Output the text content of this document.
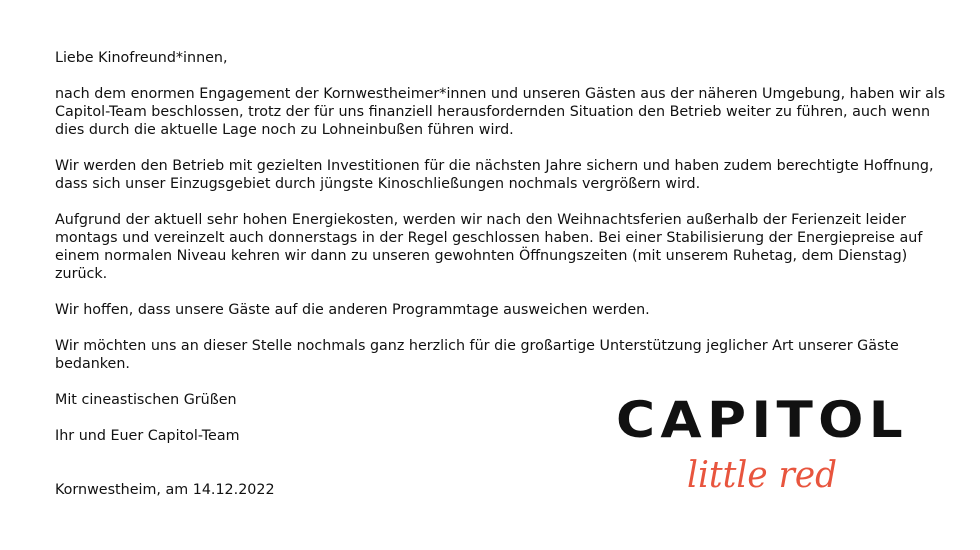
Liebe Kinofreund*innen,

nach dem enormen Engagement der Kornwestheimer*innen und unseren Gästen aus der näheren Umgebung, haben wir als Capitol-Team beschlossen, trotz der für uns finanziell herausfordernden Situation den Betrieb weiter zu führen, auch wenn dies durch die aktuelle Lage noch zu Lohneinbußen führen wird.

Wir werden den Betrieb mit gezielten Investitionen für die nächsten Jahre sichern und haben zudem berechtigte Hoffnung, dass sich unser Einzugsgebiet durch jüngste Kinoschließungen nochmals vergrößern wird.

Aufgrund der aktuell sehr hohen Energiekosten, werden wir nach den Weihnachtsferien außerhalb der Ferienzeit leider montags und vereinzelt auch donnerstags in der Regel geschlossen haben. Bei einer Stabilisierung der Energiepreise auf einem normalen Niveau kehren wir dann zu unseren gewohnten Öffnungszeiten (mit unserem Ruhetag, dem Dienstag) zurück.

Wir hoffen, dass unsere Gäste auf die anderen Programmtage ausweichen werden.

Wir möchten uns an dieser Stelle nochmals ganz herzlich für die großartige Unterstützung jeglicher Art unserer Gäste bedanken.

Mit cineastischen Grüßen

Ihr und Euer Capitol-Team

Kornwestheim, am 14.12.2022

CAPITOL
little red
